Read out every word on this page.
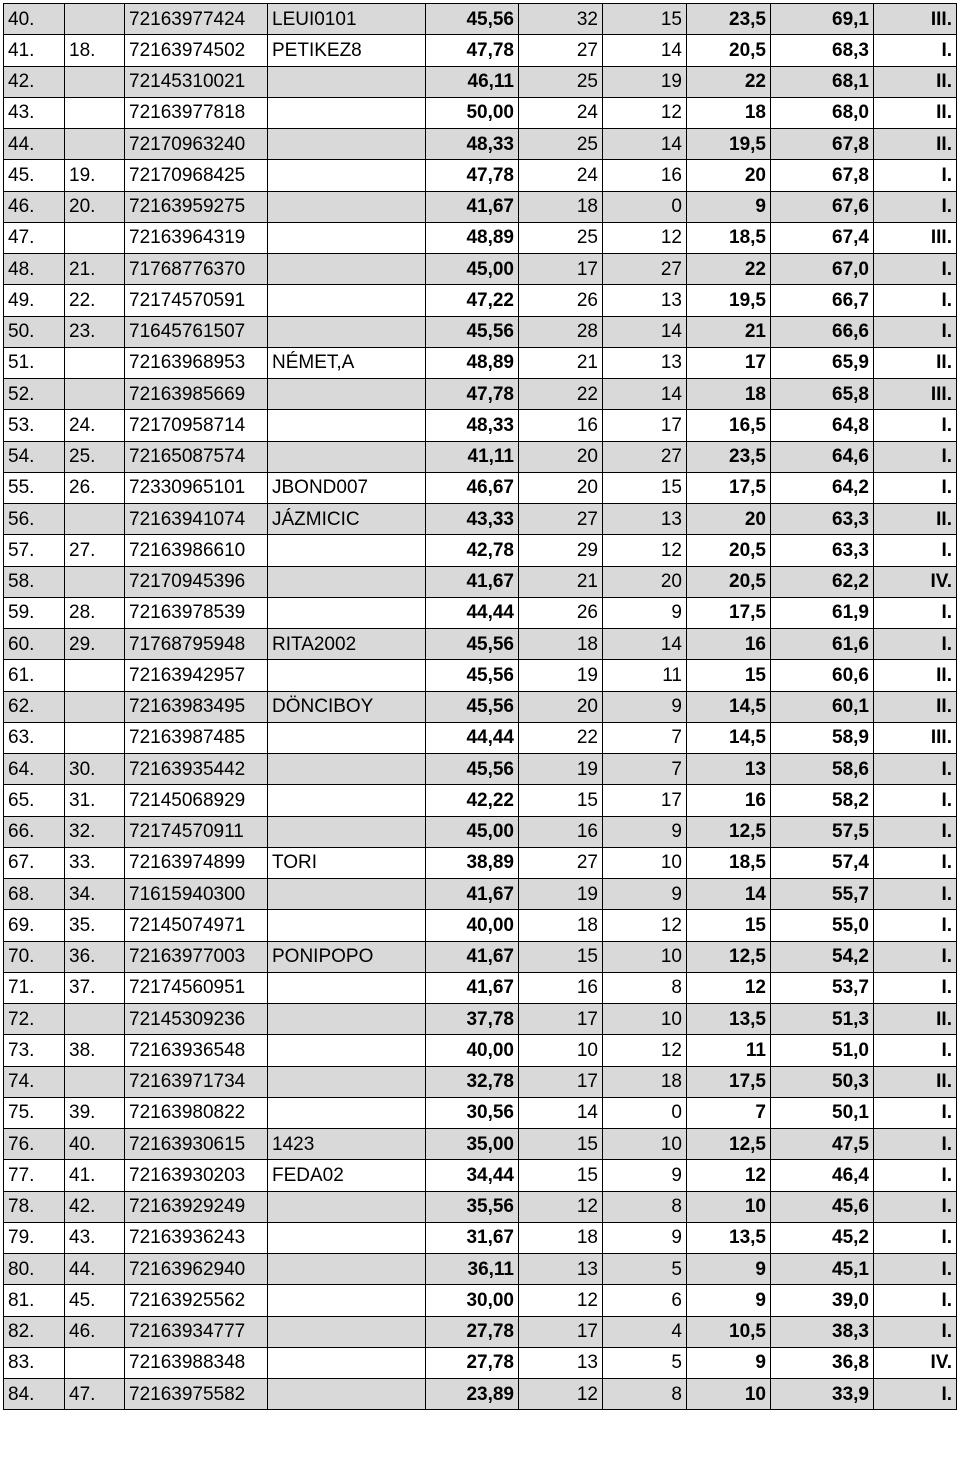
40.		72163977424	LEUI0101	45,56	32	15	23,5	69,1	III.
41.	18.	72163974502	PETIKEZ8	47,78	27	14	20,5	68,3	I.
42.		72145310021		46,11	25	19	22	68,1	II.
43.		72163977818		50,00	24	12	18	68,0	II.
44.		72170963240		48,33	25	14	19,5	67,8	II.
45.	19.	72170968425		47,78	24	16	20	67,8	I.
46.	20.	72163959275		41,67	18	0	9	67,6	I.
47.		72163964319		48,89	25	12	18,5	67,4	III.
48.	21.	71768776370		45,00	17	27	22	67,0	I.
49.	22.	72174570591		47,22	26	13	19,5	66,7	I.
50.	23.	71645761507		45,56	28	14	21	66,6	I.
51.		72163968953	NÉMET,A	48,89	21	13	17	65,9	II.
52.		72163985669		47,78	22	14	18	65,8	III.
53.	24.	72170958714		48,33	16	17	16,5	64,8	I.
54.	25.	72165087574		41,11	20	27	23,5	64,6	I.
55.	26.	72330965101	JBOND007	46,67	20	15	17,5	64,2	I.
56.		72163941074	JÁZMICIC	43,33	27	13	20	63,3	II.
57.	27.	72163986610		42,78	29	12	20,5	63,3	I.
58.		72170945396		41,67	21	20	20,5	62,2	IV.
59.	28.	72163978539		44,44	26	9	17,5	61,9	I.
60.	29.	71768795948	RITA2002	45,56	18	14	16	61,6	I.
61.		72163942957		45,56	19	11	15	60,6	II.
62.		72163983495	DÖNCIBOY	45,56	20	9	14,5	60,1	II.
63.		72163987485		44,44	22	7	14,5	58,9	III.
64.	30.	72163935442		45,56	19	7	13	58,6	I.
65.	31.	72145068929		42,22	15	17	16	58,2	I.
66.	32.	72174570911		45,00	16	9	12,5	57,5	I.
67.	33.	72163974899	TORI	38,89	27	10	18,5	57,4	I.
68.	34.	71615940300		41,67	19	9	14	55,7	I.
69.	35.	72145074971		40,00	18	12	15	55,0	I.
70.	36.	72163977003	PONIPOPO	41,67	15	10	12,5	54,2	I.
71.	37.	72174560951		41,67	16	8	12	53,7	I.
72.		72145309236		37,78	17	10	13,5	51,3	II.
73.	38.	72163936548		40,00	10	12	11	51,0	I.
74.		72163971734		32,78	17	18	17,5	50,3	II.
75.	39.	72163980822		30,56	14	0	7	50,1	I.
76.	40.	72163930615	1423	35,00	15	10	12,5	47,5	I.
77.	41.	72163930203	FEDA02	34,44	15	9	12	46,4	I.
78.	42.	72163929249		35,56	12	8	10	45,6	I.
79.	43.	72163936243		31,67	18	9	13,5	45,2	I.
80.	44.	72163962940		36,11	13	5	9	45,1	I.
81.	45.	72163925562		30,00	12	6	9	39,0	I.
82.	46.	72163934777		27,78	17	4	10,5	38,3	I.
83.		72163988348		27,78	13	5	9	36,8	IV.
84.	47.	72163975582		23,89	12	8	10	33,9	I.
